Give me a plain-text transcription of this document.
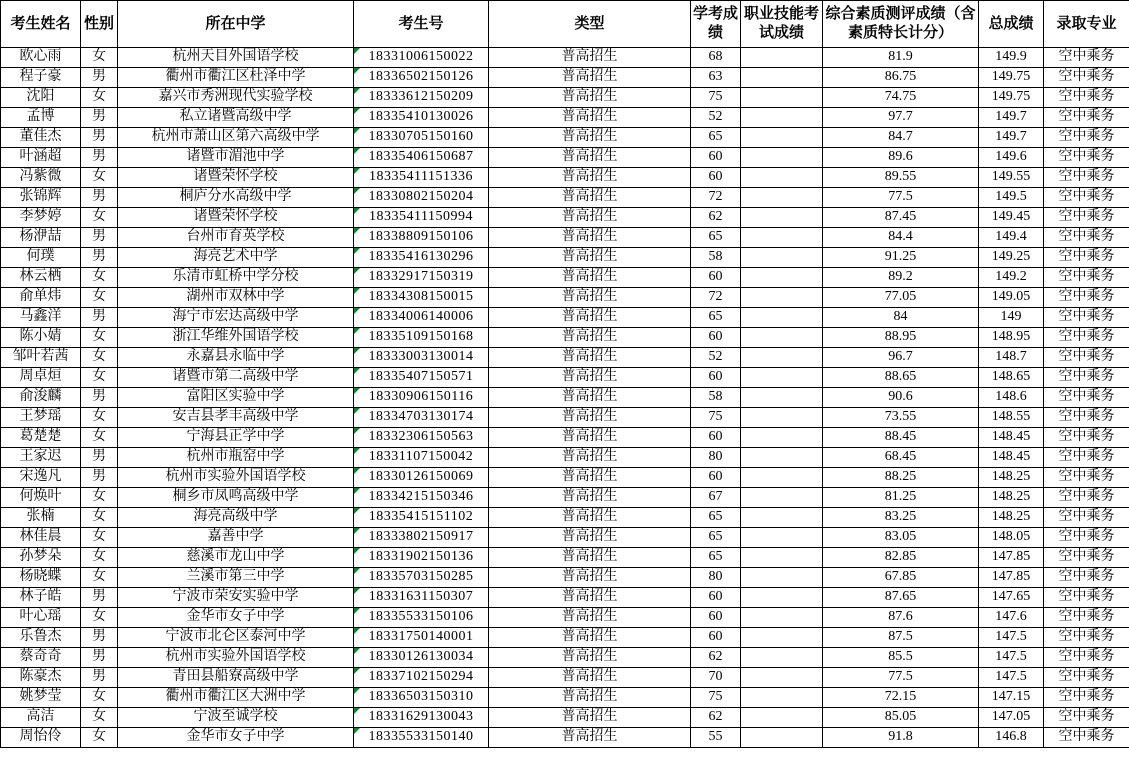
考生姓名	性别	所在中学	考生号	类型	学考成绩	职业技能考试成绩	综合素质测评成绩（含素质特长计分）	总成绩	录取专业
欧心雨	女	杭州天目外国语学校	18331006150022	普高招生	68		81.9	149.9	空中乘务
程子豪	男	衢州市衢江区杜泽中学	18336502150126	普高招生	63		86.75	149.75	空中乘务
沈阳	女	嘉兴市秀洲现代实验学校	18333612150209	普高招生	75		74.75	149.75	空中乘务
孟博	男	私立诸暨高级中学	18335410130026	普高招生	52		97.7	149.7	空中乘务
董佳杰	男	杭州市萧山区第六高级中学	18330705150160	普高招生	65		84.7	149.7	空中乘务
叶涵超	男	诸暨市湄池中学	18335406150687	普高招生	60		89.6	149.6	空中乘务
冯紫微	女	诸暨荣怀学校	18335411151336	普高招生	60		89.55	149.55	空中乘务
张锦辉	男	桐庐分水高级中学	18330802150204	普高招生	72		77.5	149.5	空中乘务
李梦婷	女	诸暨荣怀学校	18335411150994	普高招生	62		87.45	149.45	空中乘务
杨洢喆	男	台州市育英学校	18338809150106	普高招生	65		84.4	149.4	空中乘务
何璞	男	海亮艺术中学	18335416130296	普高招生	58		91.25	149.25	空中乘务
林云栖	女	乐清市虹桥中学分校	18332917150319	普高招生	60		89.2	149.2	空中乘务
俞单炜	女	湖州市双林中学	18334308150015	普高招生	72		77.05	149.05	空中乘务
马鑫洋	男	海宁市宏达高级中学	18334006140006	普高招生	65		84	149	空中乘务
陈小婧	女	浙江华维外国语学校	18335109150168	普高招生	60		88.95	148.95	空中乘务
邹叶若茜	女	永嘉县永临中学	18333003130014	普高招生	52		96.7	148.7	空中乘务
周卓烜	女	诸暨市第二高级中学	18335407150571	普高招生	60		88.65	148.65	空中乘务
俞浚麟	男	富阳区实验中学	18330906150116	普高招生	58		90.6	148.6	空中乘务
王梦瑶	女	安吉县孝丰高级中学	18334703130174	普高招生	75		73.55	148.55	空中乘务
葛楚楚	女	宁海县正学中学	18332306150563	普高招生	60		88.45	148.45	空中乘务
王家迟	男	杭州市瓶窑中学	18331107150042	普高招生	80		68.45	148.45	空中乘务
宋逸凡	男	杭州市实验外国语学校	18330126150069	普高招生	60		88.25	148.25	空中乘务
何焕叶	女	桐乡市凤鸣高级中学	18334215150346	普高招生	67		81.25	148.25	空中乘务
张楠	女	海亮高级中学	18335415151102	普高招生	65		83.25	148.25	空中乘务
林佳晨	女	嘉善中学	18333802150917	普高招生	65		83.05	148.05	空中乘务
孙梦朵	女	慈溪市龙山中学	18331902150136	普高招生	65		82.85	147.85	空中乘务
杨晓蝶	女	兰溪市第三中学	18335703150285	普高招生	80		67.85	147.85	空中乘务
林子皓	男	宁波市荣安实验中学	18331631150307	普高招生	60		87.65	147.65	空中乘务
叶心瑶	女	金华市女子中学	18335533150106	普高招生	60		87.6	147.6	空中乘务
乐鲁杰	男	宁波市北仑区泰河中学	18331750140001	普高招生	60		87.5	147.5	空中乘务
蔡奇奇	男	杭州市实验外国语学校	18330126130034	普高招生	62		85.5	147.5	空中乘务
陈豪杰	男	青田县船寮高级中学	18337102150294	普高招生	70		77.5	147.5	空中乘务
姚梦莹	女	衢州市衢江区大洲中学	18336503150310	普高招生	75		72.15	147.15	空中乘务
高洁	女	宁波至诚学校	18331629130043	普高招生	62		85.05	147.05	空中乘务
周怡伶	女	金华市女子中学	18335533150140	普高招生	55		91.8	146.8	空中乘务
